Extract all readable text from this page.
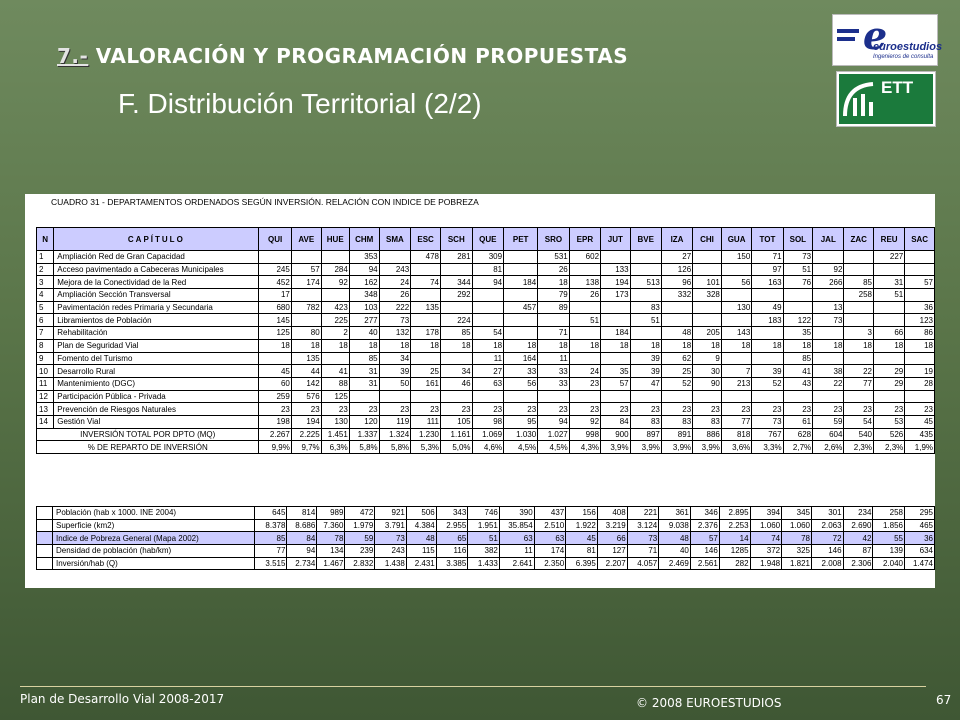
7.- VALORACIÓN Y PROGRAMACIÓN PROPUESTAS
F. Distribución Territorial (2/2)
e
euroestudios
Ingenieros de consulta
ETT
CUADRO 31 - DEPARTAMENTOS ORDENADOS SEGÚN INVERSIÓN. RELACIÓN CON INDICE DE POBREZA
N	CAPÍTULO	QUI	AVE	HUE	CHM	SMA	ESC	SCH	QUE	PET	SRO	EPR	JUT	BVE	IZA	CHI	GUA	TOT	SOL	JAL	ZAC	REU	SAC
1	Ampliación Red de Gran Capacidad				353		478	281	309		531	602			27		150	71	73			227	
2	Acceso pavimentado a Cabeceras Municipales	245	57	284	94	243			81		26		133		126			97	51	92			
3	Mejora de la Conectividad de la Red	452	174	92	162	24	74	344	94	184	18	138	194	513	96	101	56	163	76	266	85	31	57
4	Ampliación Sección Transversal	17			348	26		292			79	26	173		332	328					258	51	
5	Pavimentación redes Primaria y Secundaria	680	782	423	103	222	135			457	89			83			130	49		13			36
6	Libramientos de Población	145		225	277	73		224				51		51				183	122	73			123
7	Rehabilitación	125	80	2	40	132	178	85	54		71		184		48	205	143		35		3	66	86
8	Plan de Seguridad Vial	18	18	18	18	18	18	18	18	18	18	18	18	18	18	18	18	18	18	18	18	18	18
9	Fomento del Turismo		135		85	34			11	164	11			39	62	9			85				
10	Desarrollo Rural	45	44	41	31	39	25	34	27	33	33	24	35	39	25	30	7	39	41	38	22	29	19
11	Mantenimiento (DGC)	60	142	88	31	50	161	46	63	56	33	23	57	47	52	90	213	52	43	22	77	29	28
12	Participación Pública - Privada	259	576	125																			
13	Prevención de Riesgos Naturales	23	23	23	23	23	23	23	23	23	23	23	23	23	23	23	23	23	23	23	23	23	23
14	Gestión Vial	198	194	130	120	119	111	105	98	95	94	92	84	83	83	83	77	73	61	59	54	53	45
INVERSIÓN TOTAL POR DPTO (MQ)		2.267	2.225	1.451	1.337	1.324	1.230	1.161	1.069	1.030	1.027	998	900	897	891	886	818	767	628	604	540	526	435
% DE REPARTO DE INVERSIÓN		9,9%	9,7%	6,3%	5,8%	5,8%	5,3%	5,0%	4,6%	4,5%	4,5%	4,3%	3,9%	3,9%	3,9%	3,9%	3,6%	3,3%	2,7%	2,6%	2,3%	2,3%	1,9%
	Población (hab x 1000. INE 2004)	645	814	989	472	921	506	343	746	390	437	156	408	221	361	346	2.895	394	345	301	234	258	295
	Superficie (km2)	8.378	8.686	7.360	1.979	3.791	4.384	2.955	1.951	35.854	2.510	1.922	3.219	3.124	9.038	2.376	2.253	1.060	1.060	2.063	2.690	1.856	465
	Indice de Pobreza General (Mapa 2002)	85	84	78	59	73	48	65	51	63	63	45	66	73	48	57	14	74	78	72	42	55	36
	Densidad de población (hab/km)	77	94	134	239	243	115	116	382	11	174	81	127	71	40	146	1285	372	325	146	87	139	634
	Inversión/hab (Q)	3.515	2.734	1.467	2.832	1.438	2.431	3.385	1.433	2.641	2.350	6.395	2.207	4.057	2.469	2.561	282	1.948	1.821	2.008	2.306	2.040	1.474
Plan de Desarrollo Vial 2008-2017	© 2008 EUROESTUDIOS	67
